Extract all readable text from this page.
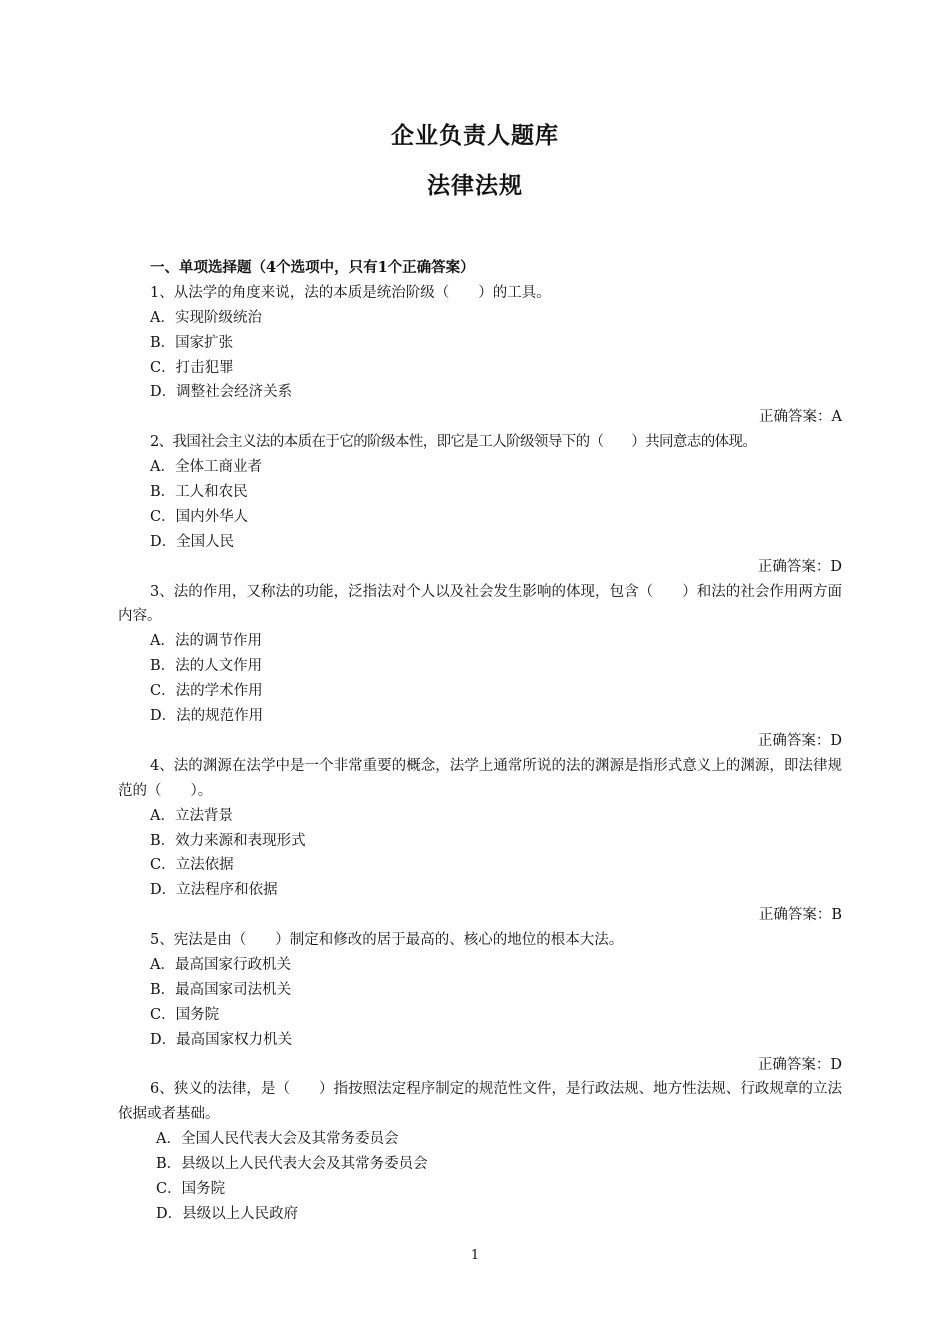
企业负责人题库
法律法规
一、单项选择题（4个选项中，只有1个正确答案）
1、从法学的角度来说，法的本质是统治阶级（　　）的工具。
A．实现阶级统治
B．国家扩张
C．打击犯罪
D．调整社会经济关系
正确答案：A
2、我国社会主义法的本质在于它的阶级本性，即它是工人阶级领导下的（　　）共同意志的体现。
A．全体工商业者
B．工人和农民
C．国内外华人
D．全国人民
正确答案：D
3、法的作用，又称法的功能，泛指法对个人以及社会发生影响的体现，包含（　　）和法的社会作用两方面内容。
A．法的调节作用
B．法的人文作用
C．法的学术作用
D．法的规范作用
正确答案：D
4、法的渊源在法学中是一个非常重要的概念，法学上通常所说的法的渊源是指形式意义上的渊源，即法律规范的（　　）。
A．立法背景
B．效力来源和表现形式
C．立法依据
D．立法程序和依据
正确答案：B
5、宪法是由（　　）制定和修改的居于最高的、核心的地位的根本大法。
A．最高国家行政机关
B．最高国家司法机关
C．国务院
D．最高国家权力机关
正确答案：D
6、狭义的法律，是（　　）指按照法定程序制定的规范性文件，是行政法规、地方性法规、行政规章的立法依据或者基础。
A．全国人民代表大会及其常务委员会
B．县级以上人民代表大会及其常务委员会
C．国务院
D．县级以上人民政府
1
